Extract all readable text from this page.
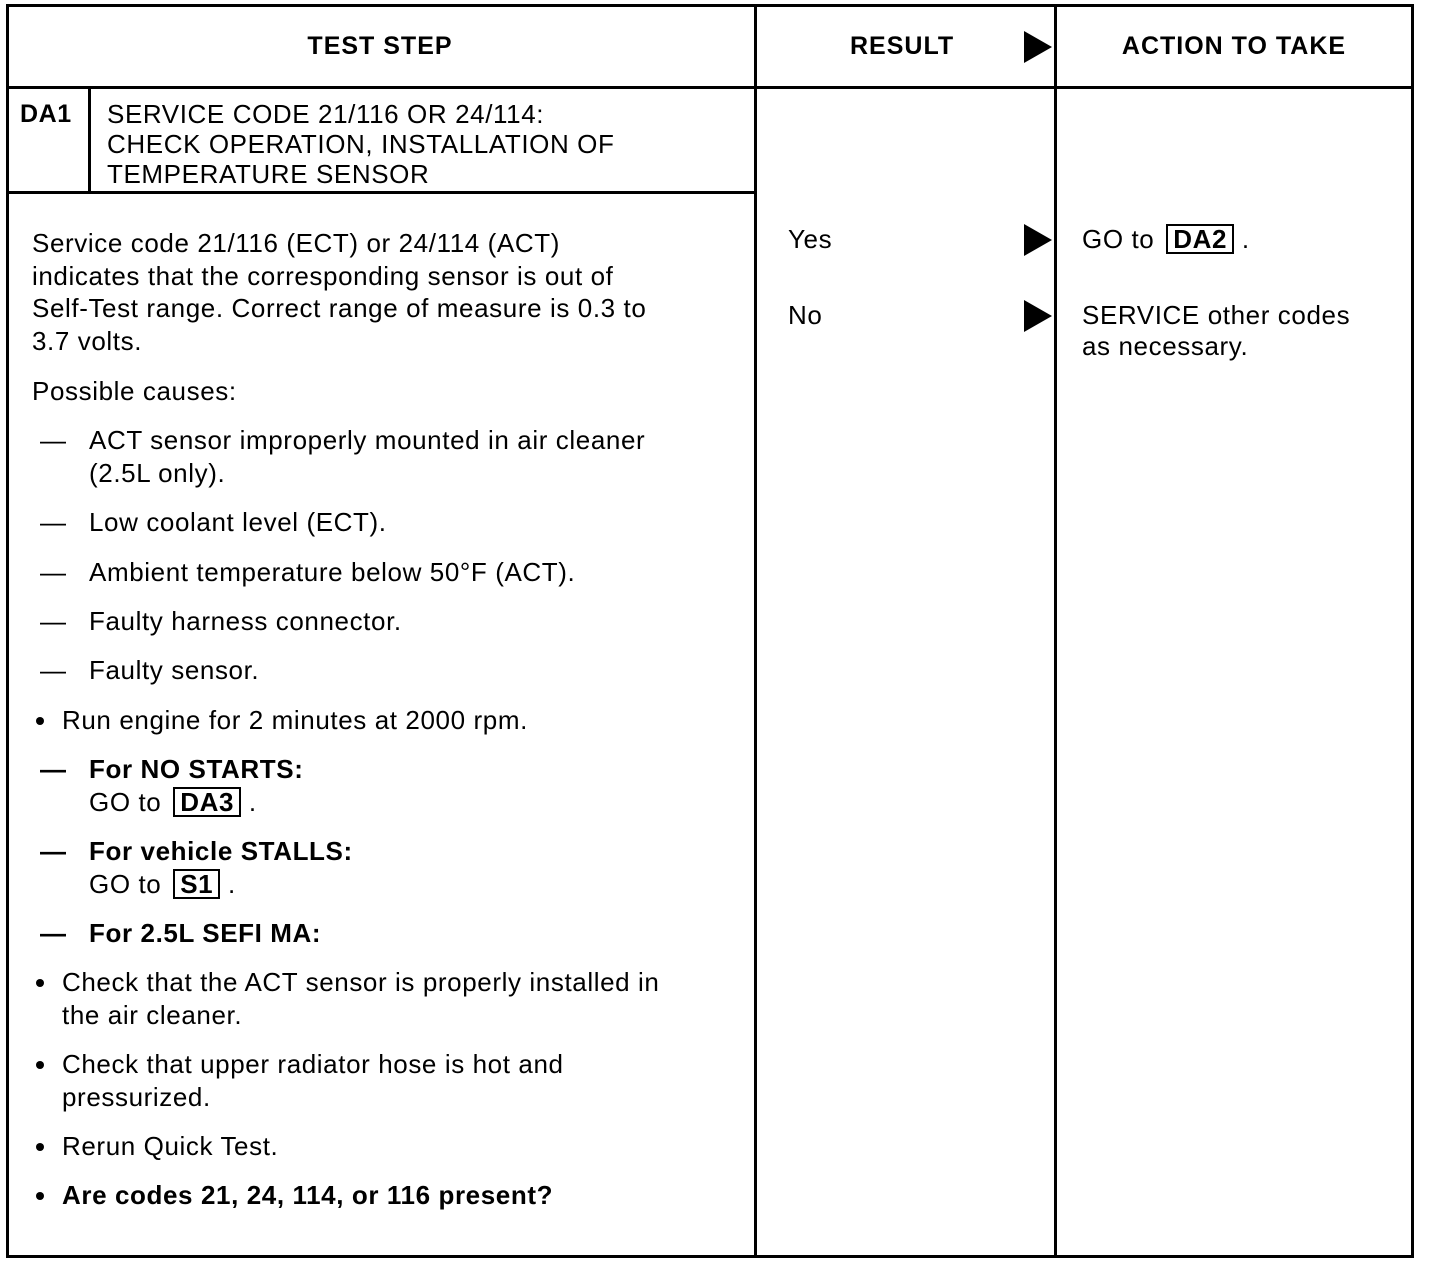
TEST STEP	RESULT	ACTION TO TAKE
DA1 SERVICE CODE 21/116 OR 24/114:
CHECK OPERATION, INSTALLATION OF
TEMPERATURE SENSOR
Service code 21/116 (ECT) or 24/114 (ACT)
indicates that the corresponding sensor is out of
Self-Test range. Correct range of measure is 0.3 to
3.7 volts.
Possible causes:
— ACT sensor improperly mounted in air cleaner
(2.5L only).
— Low coolant level (ECT).
— Ambient temperature below 50°F (ACT).
— Faulty harness connector.
— Faulty sensor.
Run engine for 2 minutes at 2000 rpm.
— For NO STARTS:
GO to DA3 .
— For vehicle STALLS:
GO to S1 .
— For 2.5L SEFI MA:
Check that the ACT sensor is properly installed in
the air cleaner.
Check that upper radiator hose is hot and
pressurized.
Rerun Quick Test.
Are codes 21, 24, 114, or 116 present?
Yes
No
GO to DA2 .
SERVICE other codes
as necessary.
